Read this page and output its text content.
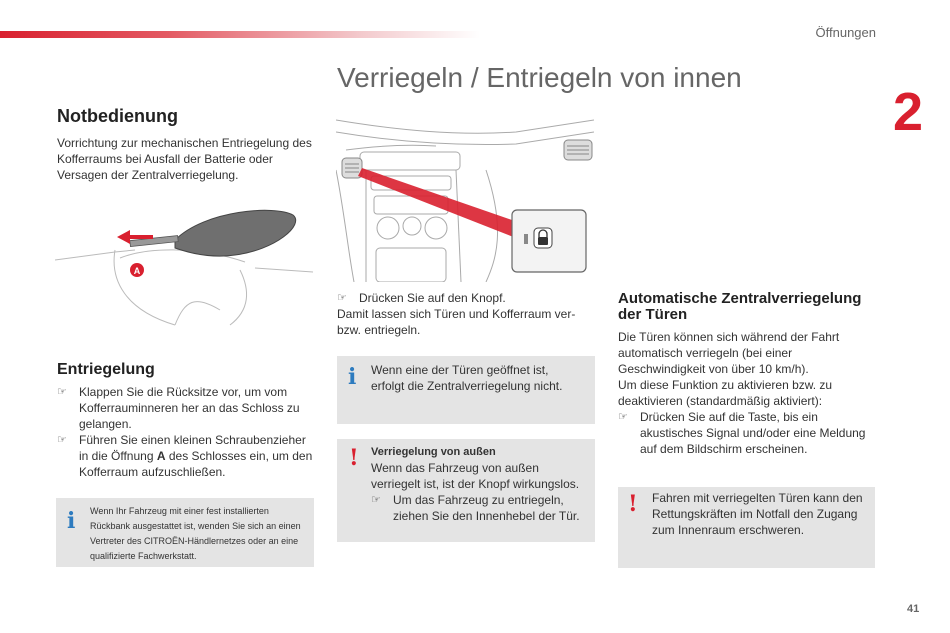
Öffnungen
2
Verriegeln / Entriegeln von innen
41
Notbedienung

Vorrichtung zur mechanischen Entriegelung des Kofferraums bei Ausfall der Batterie oder Versagen der Zentralverriegelung.

A
Entriegelung
☞ Klappen Sie die Rücksitze vor, um vom Kofferrauminneren her an das Schloss zu gelangen.
☞ Führen Sie einen kleinen Schraubenzieher in die Öffnung A des Schlosses ein, um den Kofferraum aufzuschließen.
i Wenn Ihr Fahrzeug mit einer fest installierten Rückbank ausgestattet ist, wenden Sie sich an einen Vertreter des CITROËN-Händlernetzes oder an eine qualifizierte Fachwerkstatt.
☞ Drücken Sie auf den Knopf.

Damit lassen sich Türen und Kofferraum ver- bzw. entriegeln.

i Wenn eine der Türen geöffnet ist, erfolgt die Zentralverriegelung nicht.
! Verriegelung von außen
Wenn das Fahrzeug von außen verriegelt ist, ist der Knopf wirkungslos.
☞ Um das Fahrzeug zu entriegeln, ziehen Sie den Innenhebel der Tür.
Automatische Zentralverriegelung der Türen

Die Türen können sich während der Fahrt automatisch verriegeln (bei einer Geschwindigkeit von über 10 km/h).

Um diese Funktion zu aktivieren bzw. zu deaktivieren (standardmäßig aktiviert):

☞ Drücken Sie auf die Taste, bis ein akustisches Signal und/oder eine Meldung auf dem Bildschirm erscheinen.
! Fahren mit verriegelten Türen kann den Rettungskräften im Notfall den Zugang zum Innenraum erschweren.
